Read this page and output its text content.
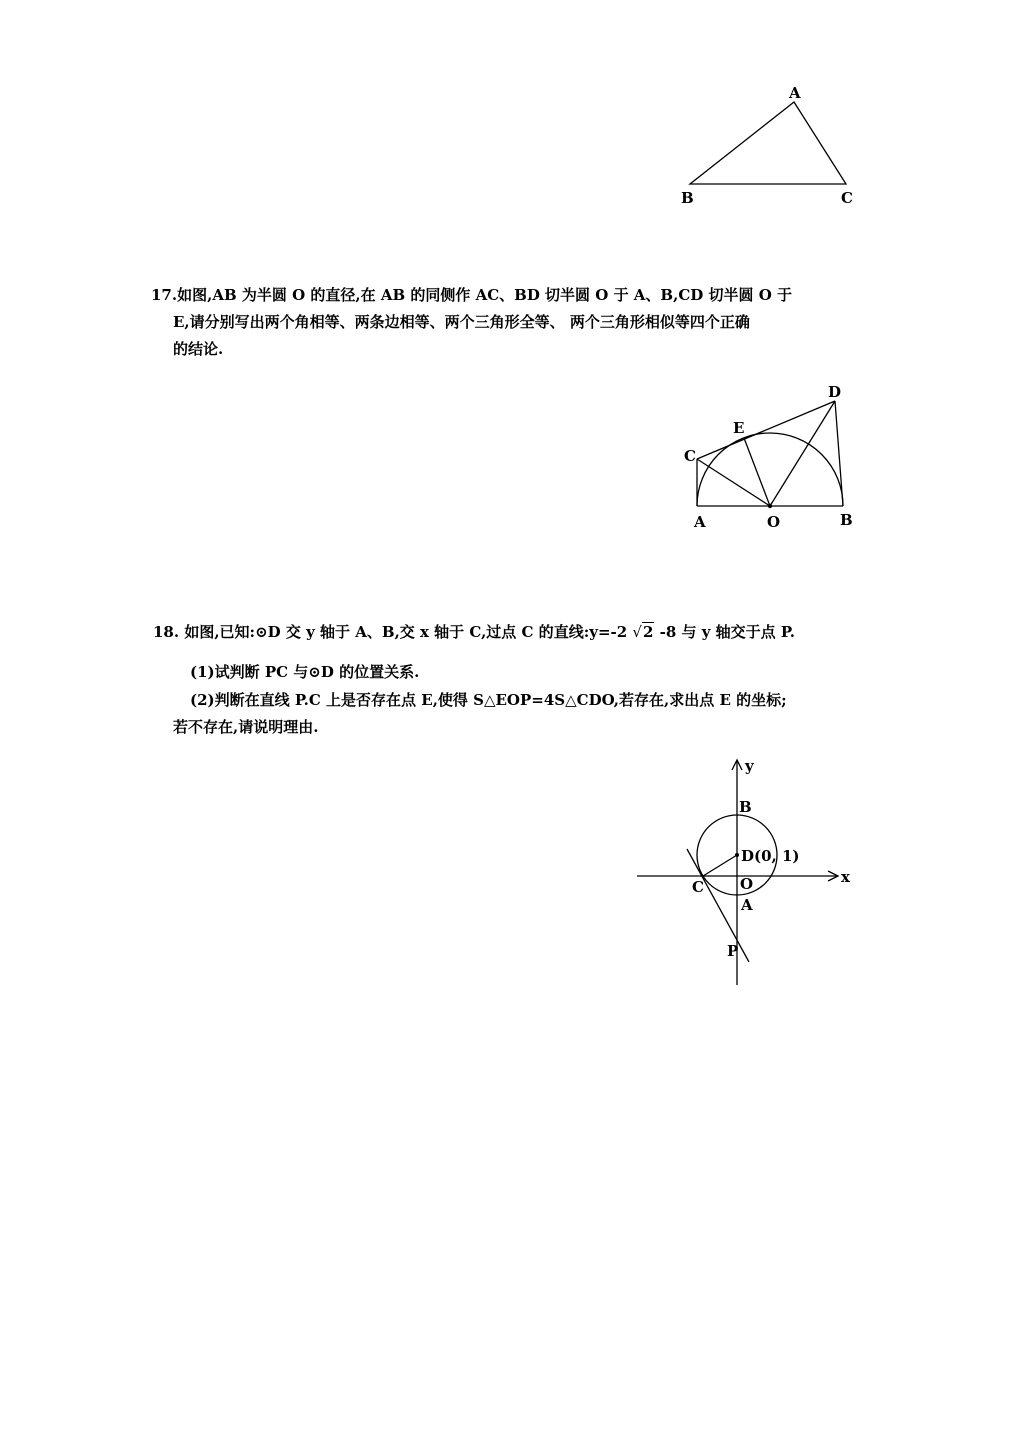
A
B	C
17.如图,AB 为半圆 O 的直径,在 AB 的同侧作 AC、BD 切半圆 O 于 A、B,CD 切半圆 O 于
E,请分别写出两个角相等、两条边相等、两个三角形全等、 两个三角形相似等四个正确
的结论.
C
E
D
A	O	B
18. 如图,已知:⊙D 交 y 轴于 A、B,交 x 轴于 C,过点 C 的直线:y=-2 √2 -8 与 y 轴交于点 P.
(1)试判断 PC 与⊙D 的位置关系.
(2)判断在直线 P.C 上是否存在点 E,使得 S△EOP=4S△CDO,若存在,求出点 E 的坐标;
若不存在,请说明理由.
y
x
B
D(0, 1)
C O
A
P
